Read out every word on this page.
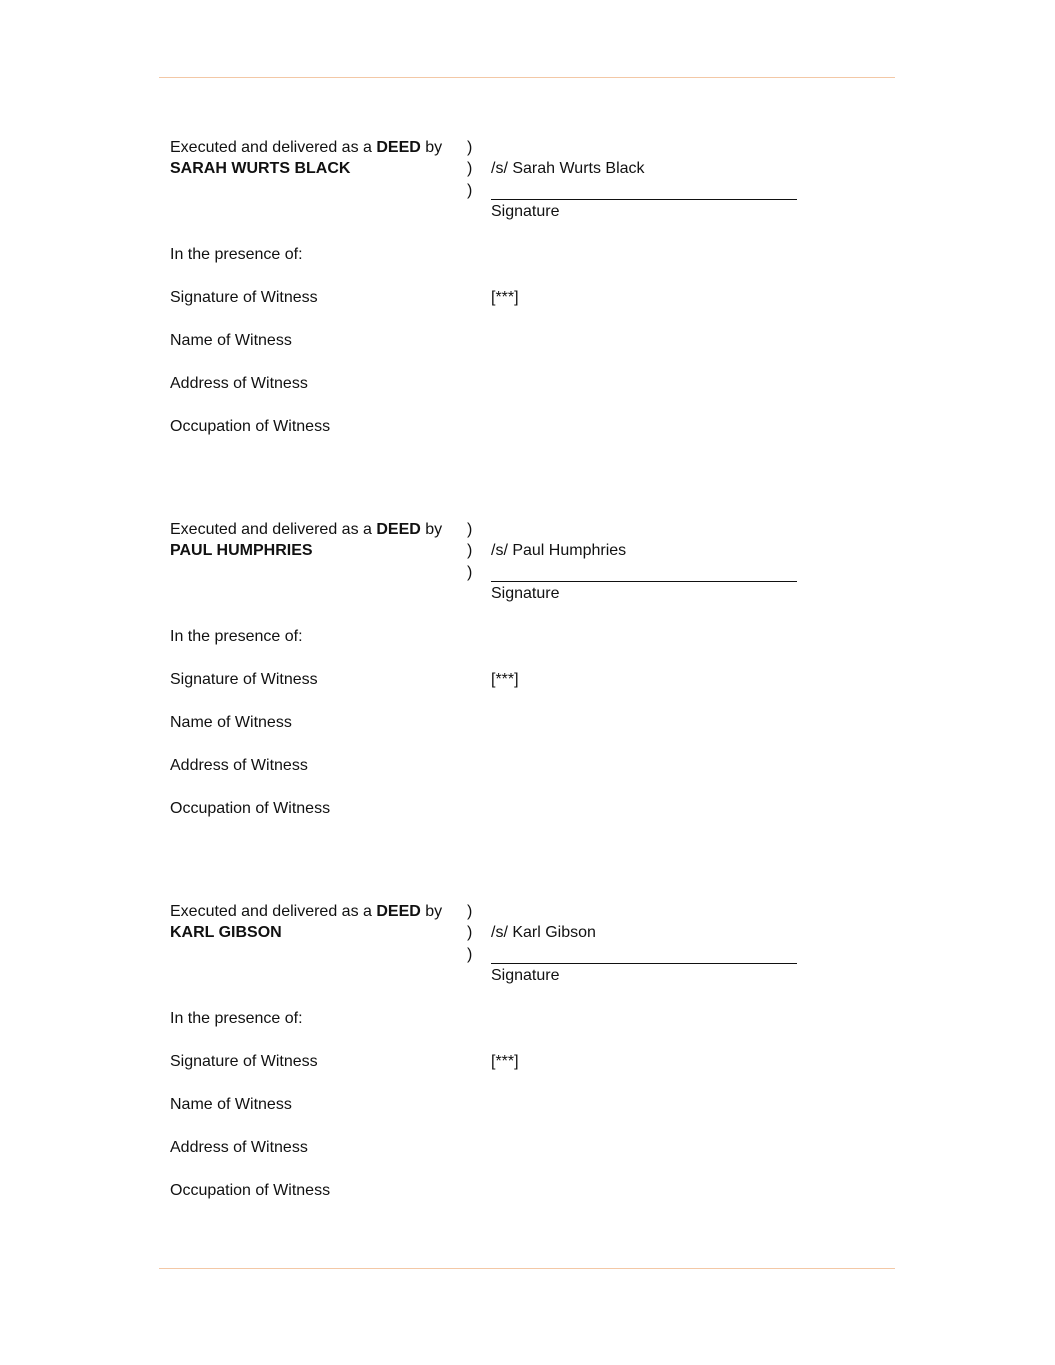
Executed and delivered as a DEED by
SARAH WURTS BLACK
)
)
)
/s/ Sarah Wurts Black
Signature
In the presence of:
Signature of Witness	[***]
Name of Witness
Address of Witness
Occupation of Witness
Executed and delivered as a DEED by
PAUL HUMPHRIES
)
)
)
/s/ Paul Humphries
Signature
In the presence of:
Signature of Witness	[***]
Name of Witness
Address of Witness
Occupation of Witness
Executed and delivered as a DEED by
KARL GIBSON
)
)
)
/s/ Karl Gibson
Signature
In the presence of:
Signature of Witness	[***]
Name of Witness
Address of Witness
Occupation of Witness
